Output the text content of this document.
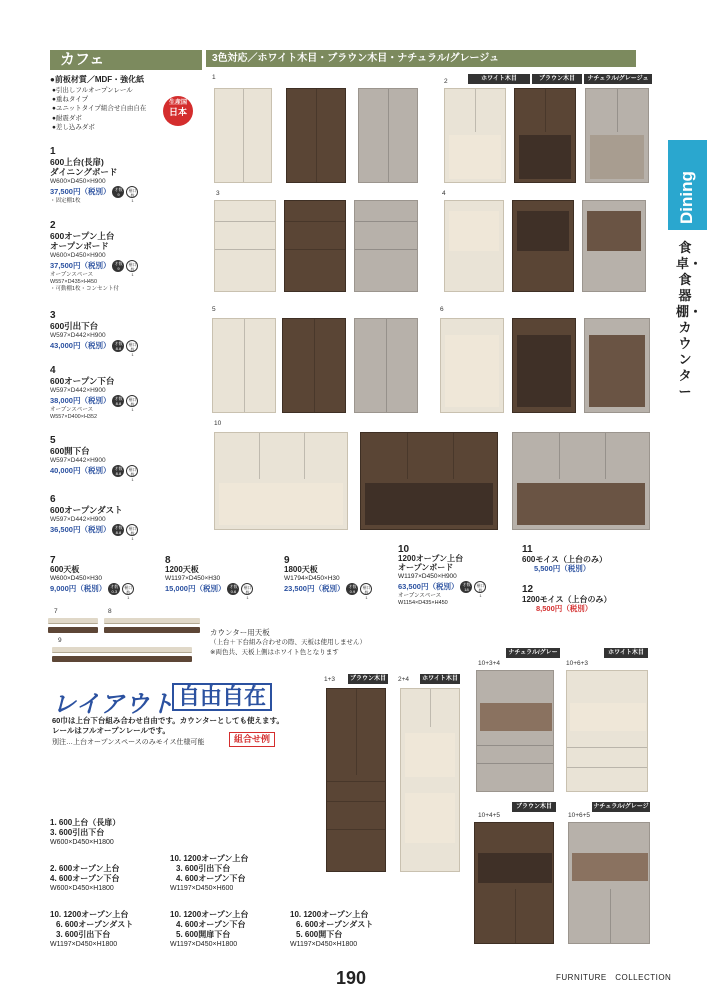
カフェ	3色対応／ホワイト木目・ブラウン木目・ナチュラル/グレージュ
●前板材質／MDF・強化紙
●引出しフルオープンレール
●重ねタイプ
●ユニットタイプ組合せ自由自在
●耐震ダボ
●差し込みダボ
生産国
日本
Dining
食卓・食器棚・カウンター
1
600上台(長扉)
ダイニングボード
W600×D450×H900
37,500円（税別） 才数
9梱口数
1
・固定棚1枚
2
600オープン上台
オープンボード
W600×D450×H900
37,500円（税別） 才数
9梱口数
1
オープンスペース
W557×D435×H450
・可動棚1枚・コンセント付
3
600引出下台
W597×D442×H900
43,000円（税別） 才数
8.8梱口数
1
4
600オープン下台
W597×D442×H900
38,000円（税別） 才数
8.8梱口数
1
オープンスペース
W557×D400×H352
5
600開下台
W597×D442×H900
40,000円（税別） 才数
8.8梱口数
1
6
600オープンダスト
W597×D442×H900
36,500円（税別） 才数
8.8梱口数
1
1
2	ホワイト木目	ブラウン木目	ナチュラル/グレージュ
3	4
5	6
10
7
600天板
W600×D450×H30
9,000円（税別） 才数
0.3梱口数
1
8
1200天板
W1197×D450×H30
15,000円（税別） 才数
0.6梱口数
1
9
1800天板
W1794×D450×H30
23,500円（税別） 才数
0.9梱口数
1
10
1200オープン上台
オープンボード
W1197×D450×H900
63,500円（税別） 才数
18梱口数
1
オープンスペース
W1154×D435×H450
11
600モイス（上台のみ）
5,500円（税別）
12
1200モイス（上台のみ）
8,500円（税別）
7	8
9
カウンター用天板
（上台＋下台組み合わせの際、天板は使用しません）
※両色共、天板上側はホワイト色となります
レイアウト 自由自在
60巾は上台下台組み合わせ自由です。カウンターとしても使えます。
レールはフルオープンレールです。
別注…上台オープンスペースのみモイス仕様可能	組合せ例
1+3	ブラウン木目	2+4	ホワイト木目
10+3+4
ナチュラル/グレージュ	10+6+3
ホワイト木目
10+4+5
ブラウン木目
10+6+5
ナチュラル/グレージュ
1. 600上台（長扉）
3. 600引出下台
W600×D450×H1800
2. 600オープン上台
4. 600オープン下台
W600×D450×H1800
10. 1200オープン上台
3. 600引出下台
4. 600オープン下台
W1197×D450×H600
10. 1200オープン上台
6. 600オープンダスト
3. 600引出下台
W1197×D450×H1800
10. 1200オープン上台
4. 600オープン下台
5. 600開扉下台
W1197×D450×H1800
10. 1200オープン上台
6. 600オープンダスト
5. 600開下台
W1197×D450×H1800
190	FURNITURE　COLLECTION
